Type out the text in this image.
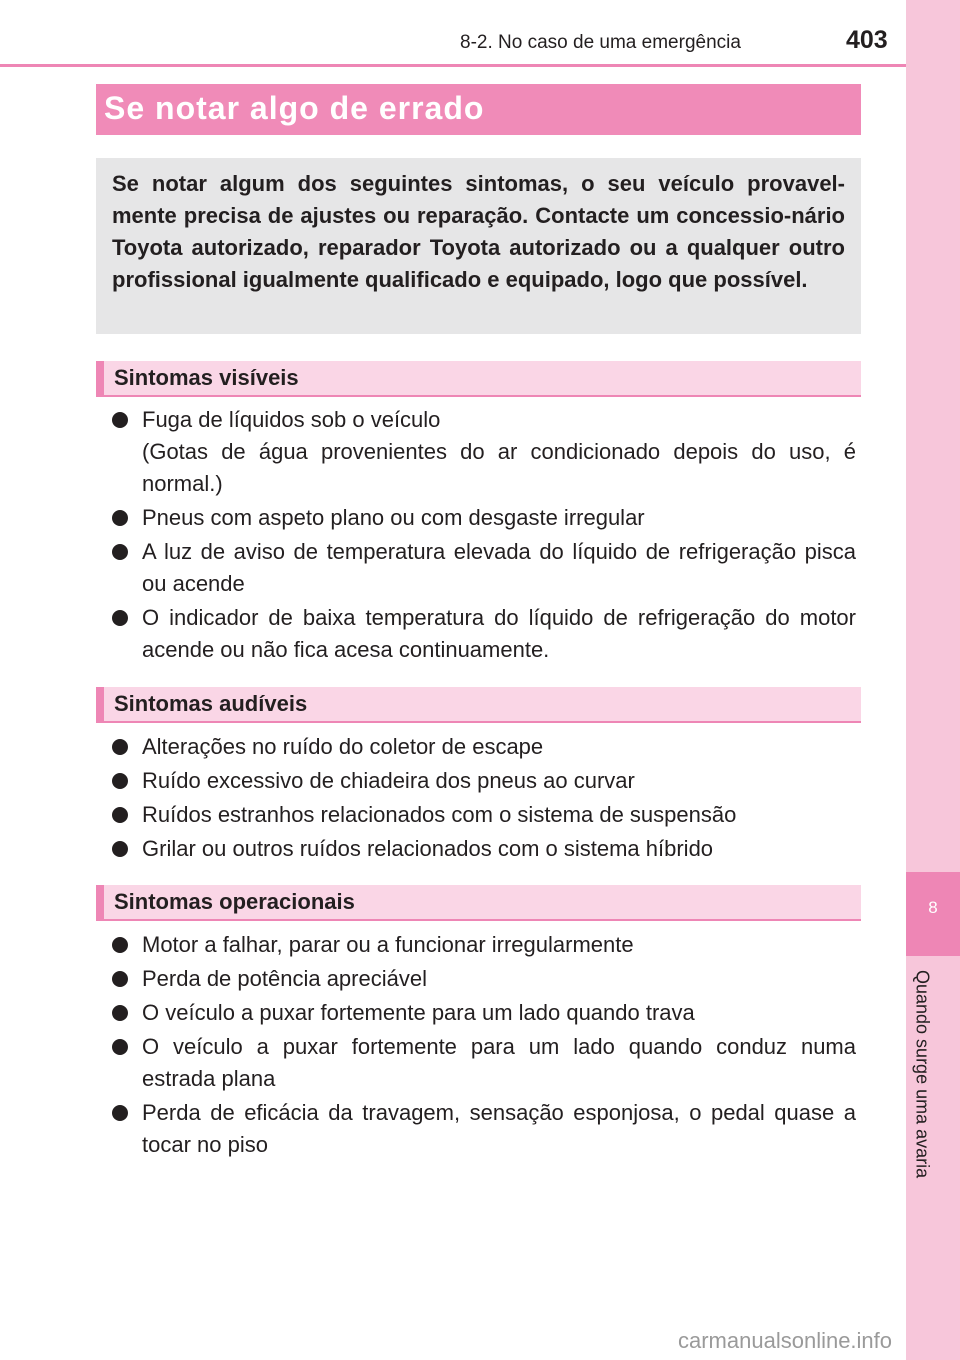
8
Quando surge uma avaria
8-2. No caso de uma emergência	403
Se notar algo de errado

Se notar algum dos seguintes sintomas, o seu veículo provavel-mente precisa de ajustes ou reparação. Contacte um concessio-nário Toyota autorizado, reparador Toyota autorizado ou a qualquer outro profissional igualmente qualificado e equipado, logo que possível.

Sintomas visíveis
Fuga de líquidos sob o veículo
(Gotas de água provenientes do ar condicionado depois do uso, é normal.)
Pneus com aspeto plano ou com desgaste irregular
A luz de aviso de temperatura elevada do líquido de refrigeração pisca ou acende
O indicador de baixa temperatura do líquido de refrigeração do motor acende ou não fica acesa continuamente.
Sintomas audíveis
Alterações no ruído do coletor de escape
Ruído excessivo de chiadeira dos pneus ao curvar
Ruídos estranhos relacionados com o sistema de suspensão
Grilar ou outros ruídos relacionados com o sistema híbrido
Sintomas operacionais
Motor a falhar, parar ou a funcionar irregularmente
Perda de potência apreciável
O veículo a puxar fortemente para um lado quando trava
O veículo a puxar fortemente para um lado quando conduz numa estrada plana
Perda de eficácia da travagem, sensação esponjosa, o pedal quase a tocar no piso
carmanualsonline.info
